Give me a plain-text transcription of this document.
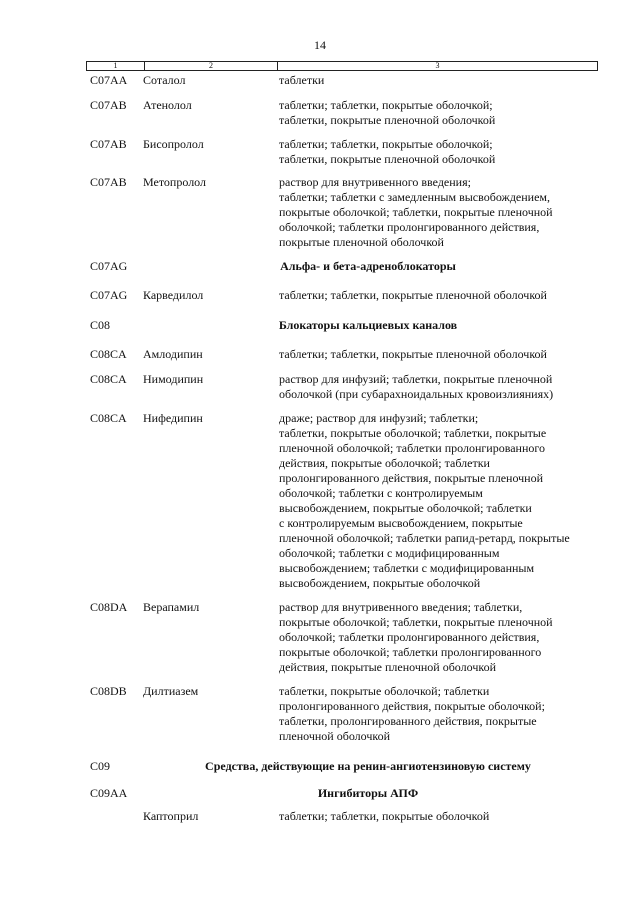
14
1	2	3
C07AA Соталол	таблетки
C07AB Атенолол	таблетки; таблетки, покрытые оболочкой;
таблетки, покрытые пленочной оболочкой
C07AB Бисопролол	таблетки; таблетки, покрытые оболочкой;
таблетки, покрытые пленочной оболочкой
C07AB Метопролол	раствор для внутривенного введения;
таблетки; таблетки с замедленным высвобождением,
покрытые оболочкой; таблетки, покрытые пленочной
оболочкой; таблетки пролонгированного действия,
покрытые пленочной оболочкой
C07AG	Альфа- и бета-адреноблокаторы
C07AG Карведилол	таблетки; таблетки, покрытые пленочной оболочкой
C08	Блокаторы кальциевых каналов
C08CA Амлодипин	таблетки; таблетки, покрытые пленочной оболочкой
C08CA Нимодипин	раствор для инфузий; таблетки, покрытые пленочной
оболочкой (при субарахноидальных кровоизлияниях)
C08CA Нифедипин	драже; раствор для инфузий; таблетки;
таблетки, покрытые оболочкой; таблетки, покрытые
пленочной оболочкой; таблетки пролонгированного
действия, покрытые оболочкой; таблетки
пролонгированного действия, покрытые пленочной
оболочкой; таблетки с контролируемым
высвобождением, покрытые оболочкой; таблетки
с контролируемым высвобождением, покрытые
пленочной оболочкой; таблетки рапид-ретард, покрытые
оболочкой; таблетки с модифицированным
высвобождением; таблетки с модифицированным
высвобождением, покрытые оболочкой
C08DA Верапамил	раствор для внутривенного введения; таблетки,
покрытые оболочкой; таблетки, покрытые пленочной
оболочкой; таблетки пролонгированного действия,
покрытые оболочкой; таблетки пролонгированного
действия, покрытые пленочной оболочкой
C08DB Дилтиазем	таблетки, покрытые оболочкой; таблетки
пролонгированного действия, покрытые оболочкой;
таблетки, пролонгированного действия, покрытые
пленочной оболочкой
C09	Средства, действующие на ренин-ангиотензиновую систему
C09AA	Ингибиторы АПФ
Каптоприл	таблетки; таблетки, покрытые оболочкой
